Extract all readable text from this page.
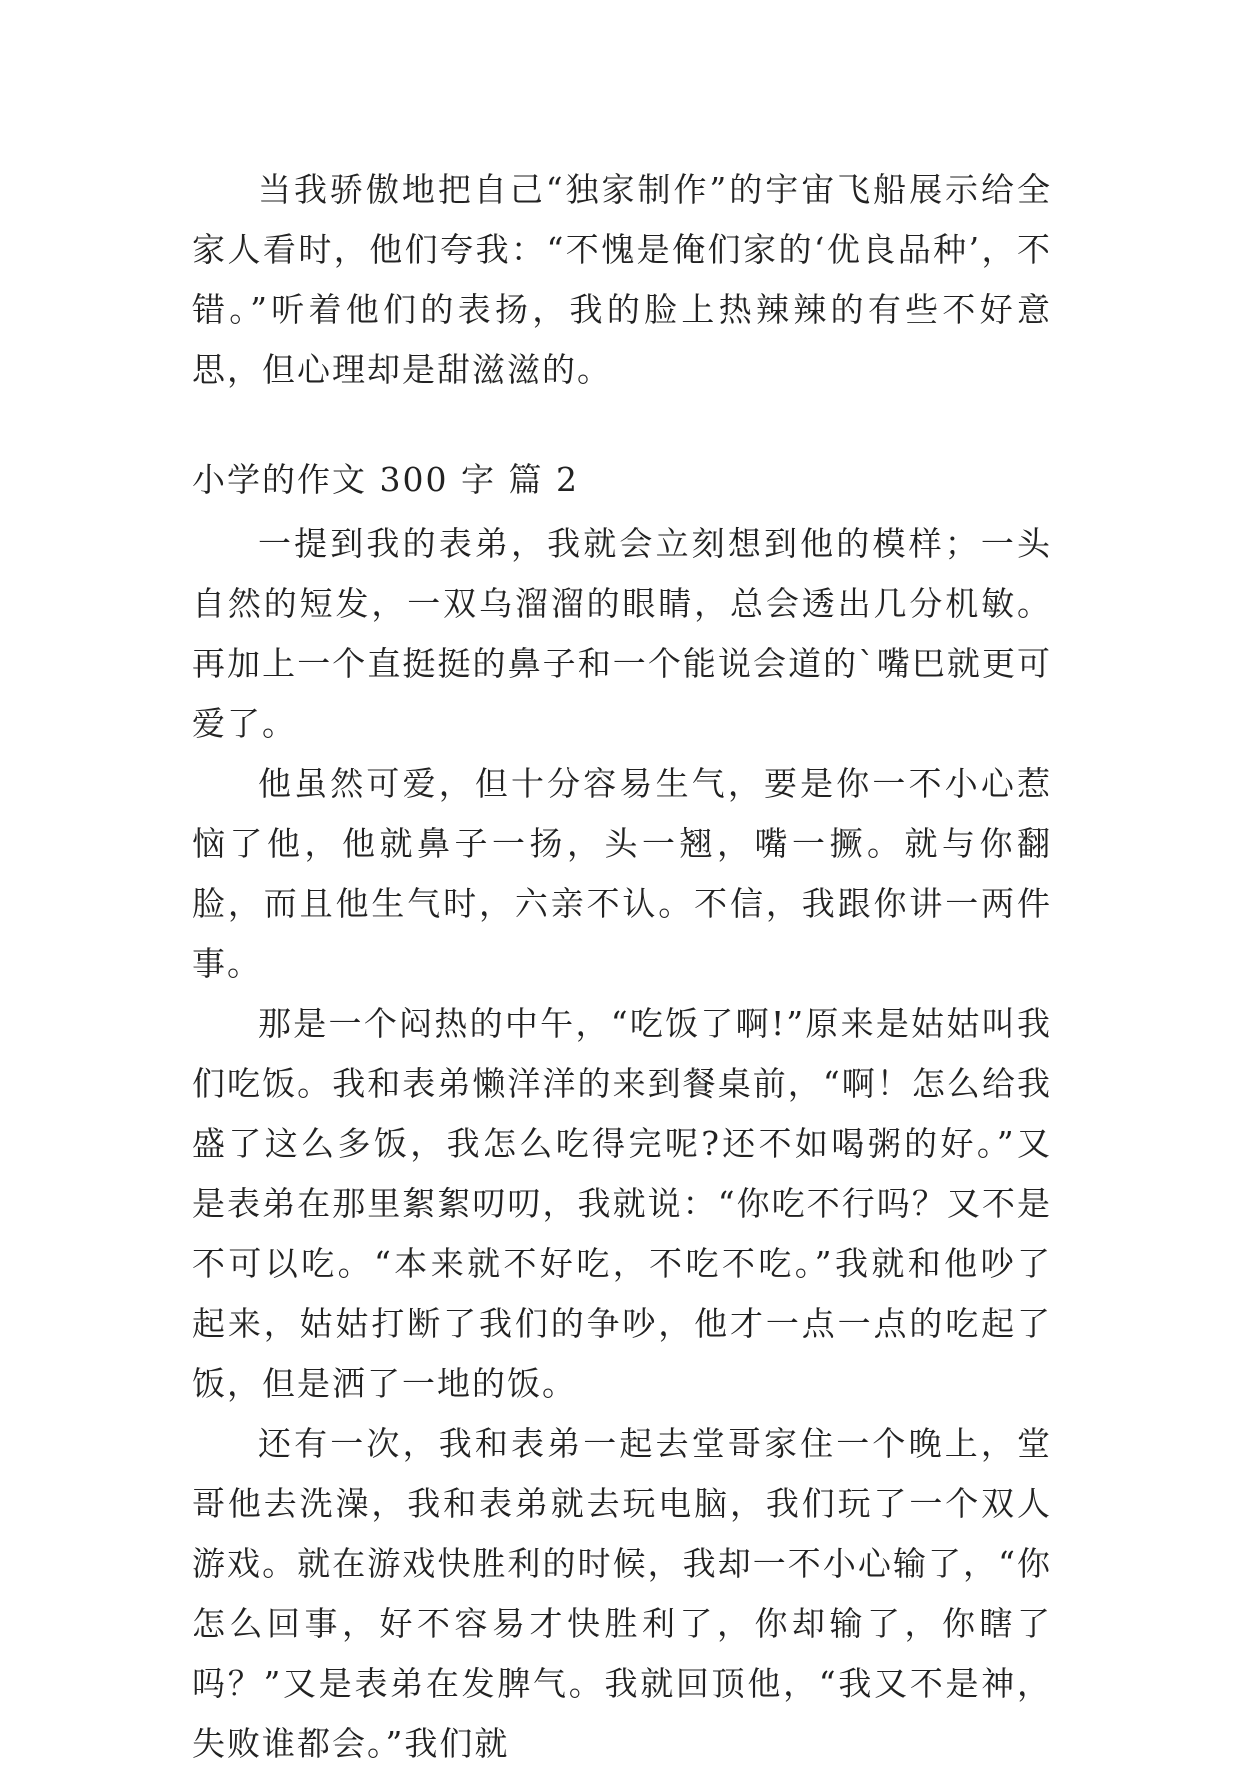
当我骄傲地把自己“独家制作”的宇宙飞船展示给全家人看时，他们夸我：“不愧是俺们家的‘优良品种’，不错。”听着他们的表扬，我的脸上热辣辣的有些不好意思，但心理却是甜滋滋的。

小学的作文 300 字 篇 2

一提到我的表弟，我就会立刻想到他的模样；一头自然的短发，一双乌溜溜的眼睛，总会透出几分机敏。再加上一个直挺挺的鼻子和一个能说会道的`嘴巴就更可爱了。

他虽然可爱，但十分容易生气，要是你一不小心惹恼了他，他就鼻子一扬，头一翘，嘴一撅。就与你翻脸，而且他生气时，六亲不认。不信，我跟你讲一两件事。

那是一个闷热的中午，“吃饭了啊!”原来是姑姑叫我们吃饭。我和表弟懒洋洋的来到餐桌前，“啊！怎么给我盛了这么多饭，我怎么吃得完呢?还不如喝粥的好。”又是表弟在那里絮絮叨叨，我就说：“你吃不行吗？又不是不可以吃。“本来就不好吃，不吃不吃。”我就和他吵了起来，姑姑打断了我们的争吵，他才一点一点的吃起了饭，但是洒了一地的饭。

还有一次，我和表弟一起去堂哥家住一个晚上，堂哥他去洗澡，我和表弟就去玩电脑，我们玩了一个双人游戏。就在游戏快胜利的时候，我却一不小心输了，“你怎么回事，好不容易才快胜利了，你却输了，你瞎了吗？”又是表弟在发脾气。我就回顶他，“我又不是神，失败谁都会。”我们就
